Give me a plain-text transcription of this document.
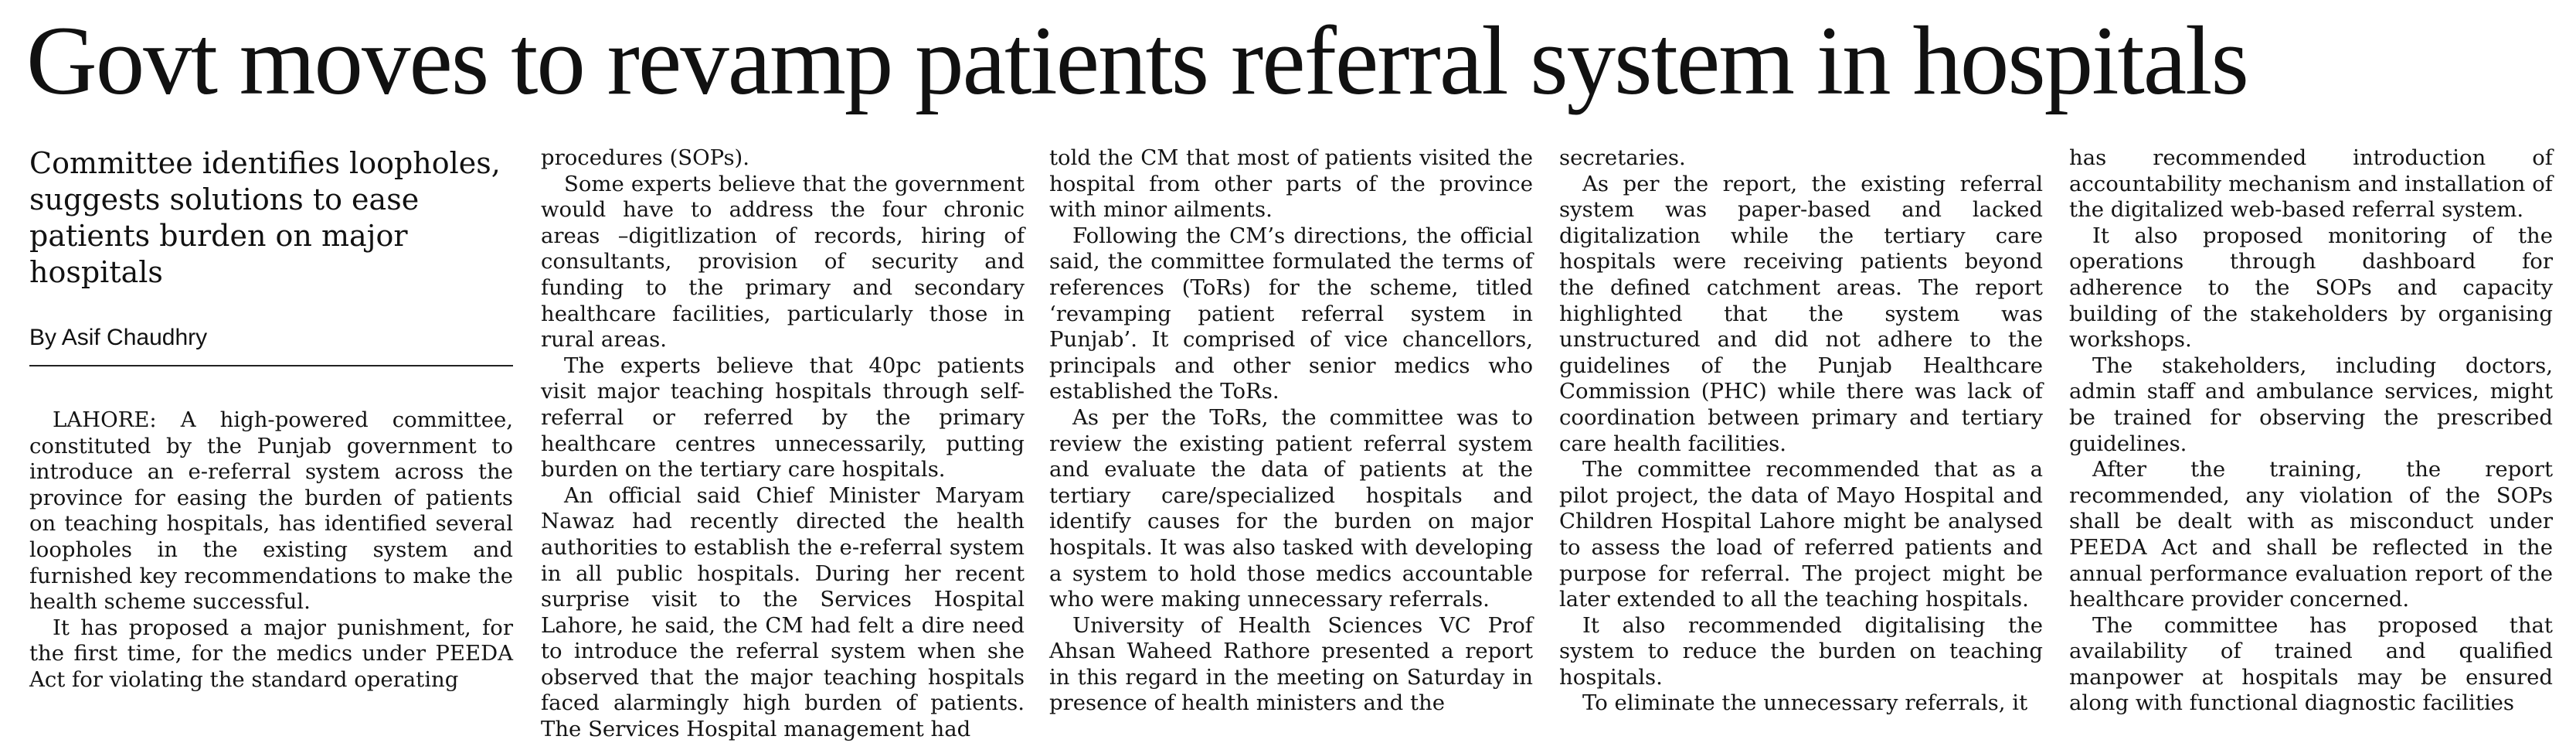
Govt moves to revamp patients referral system in hospitals

Committee identifies loopholes, suggests solutions to ease patients burden on major hospitals

By Asif Chaudhry

LAHORE: A high-powered committee, constituted by the Punjab government to introduce an e-referral system across the province for easing the burden of patients on teaching hospitals, has identified several loopholes in the existing system and furnished key recommendations to make the health scheme successful.

It has proposed a major punishment, for the first time, for the medics under PEEDA Act for violating the standard operating

procedures (SOPs).

Some experts believe that the government would have to address the four chronic areas –digitlization of records, hiring of consultants, provision of security and funding to the primary and secondary healthcare facilities, particularly those in rural areas.

The experts believe that 40pc patients visit major teaching hospitals through self-referral or referred by the primary healthcare centres unnecessarily, putting burden on the tertiary care hospitals.

An official said Chief Minister Maryam Nawaz had recently directed the health authorities to establish the e-referral system in all public hospitals. During her recent surprise visit to the Services Hospital Lahore, he said, the CM had felt a dire need to introduce the referral system when she observed that the major teaching hospitals faced alarmingly high burden of patients. The Services Hospital management had

told the CM that most of patients visited the hospital from other parts of the province with minor ailments.

Following the CM’s directions, the official said, the committee formulated the terms of references (ToRs) for the scheme, titled ‘revamping patient referral system in Punjab’. It comprised of vice chancellors, principals and other senior medics who established the ToRs.

As per the ToRs, the committee was to review the existing patient referral system and evaluate the data of patients at the tertiary care/specialized hospitals and identify causes for the burden on major hospitals. It was also tasked with developing a system to hold those medics accountable who were making unnecessary referrals.

University of Health Sciences VC Prof Ahsan Waheed Rathore presented a report in this regard in the meeting on Saturday in presence of health ministers and the

secretaries.

As per the report, the existing referral system was paper-based and lacked digitalization while the tertiary care hospitals were receiving patients beyond the defined catchment areas. The report highlighted that the system was unstructured and did not adhere to the guidelines of the Punjab Healthcare Commission (PHC) while there was lack of coordination between primary and tertiary care health facilities.

The committee recommended that as a pilot project, the data of Mayo Hospital and Children Hospital Lahore might be analysed to assess the load of referred patients and purpose for referral. The project might be later extended to all the teaching hospitals.

It also recommended digitalising the system to reduce the burden on teaching hospitals.

To eliminate the unnecessary referrals, it

has recommended introduction of accountability mechanism and installation of the digitalized web-based referral system.

It also proposed monitoring of the operations through dashboard for adherence to the SOPs and capacity building of the stakeholders by organising workshops.

The stakeholders, including doctors, admin staff and ambulance services, might be trained for observing the prescribed guidelines.

After the training, the report recommended, any violation of the SOPs shall be dealt with as misconduct under PEEDA Act and shall be reflected in the annual performance evaluation report of the healthcare provider concerned.

The committee has proposed that availability of trained and qualified manpower at hospitals may be ensured along with functional diagnostic facilities
